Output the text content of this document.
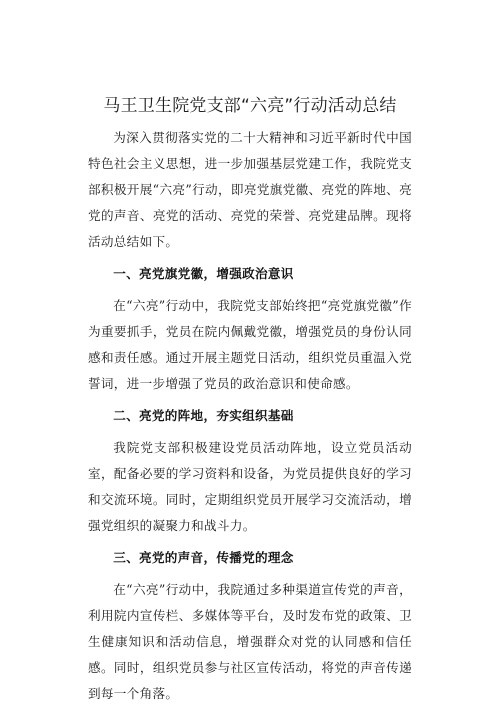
马王卫生院党支部“六亮”行动活动总结

为深入贯彻落实党的二十大精神和习近平新时代中国特色社会主义思想，进一步加强基层党建工作，我院党支部积极开展“六亮”行动，即亮党旗党徽、亮党的阵地、亮党的声音、亮党的活动、亮党的荣誉、亮党建品牌。现将活动总结如下。

一、亮党旗党徽，增强政治意识

在“六亮”行动中，我院党支部始终把“亮党旗党徽”作为重要抓手，党员在院内佩戴党徽，增强党员的身份认同感和责任感。通过开展主题党日活动，组织党员重温入党誓词，进一步增强了党员的政治意识和使命感。

二、亮党的阵地，夯实组织基础

我院党支部积极建设党员活动阵地，设立党员活动室，配备必要的学习资料和设备，为党员提供良好的学习和交流环境。同时，定期组织党员开展学习交流活动，增强党组织的凝聚力和战斗力。

三、亮党的声音，传播党的理念

在“六亮”行动中，我院通过多种渠道宣传党的声音，利用院内宣传栏、多媒体等平台，及时发布党的政策、卫生健康知识和活动信息，增强群众对党的认同感和信任感。同时，组织党员参与社区宣传活动，将党的声音传递到每一个角落。
